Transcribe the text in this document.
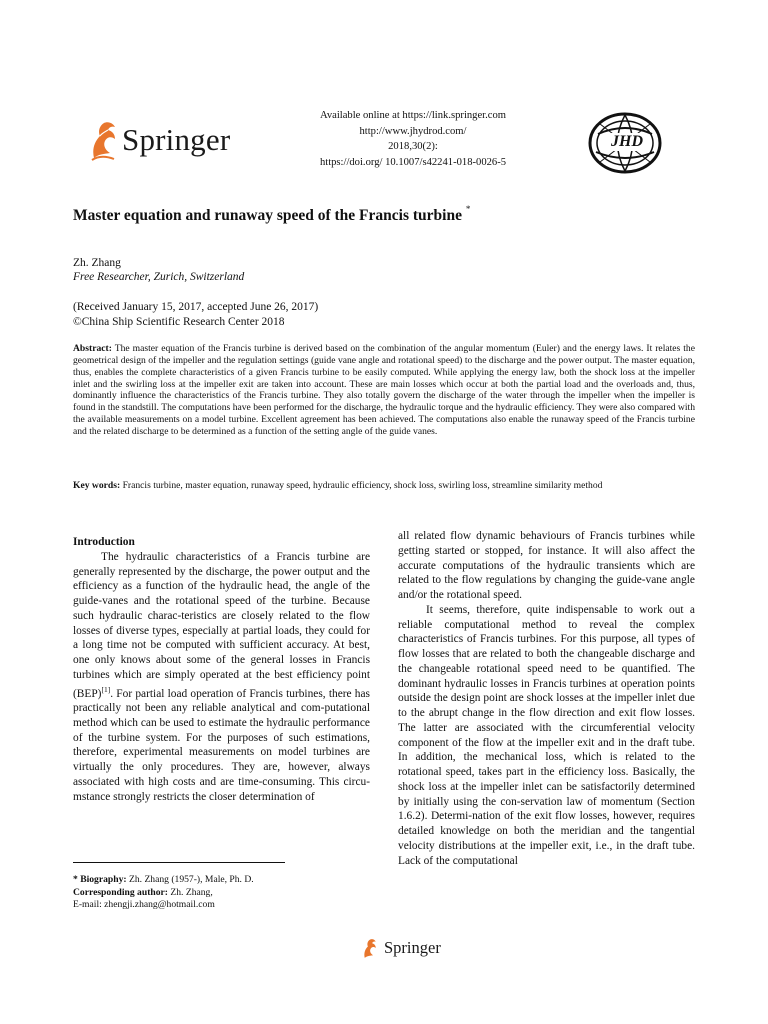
Springer
Available online at https://link.springer.com
http://www.jhydrod.com/
2018,30(2):
https://doi.org/ 10.1007/s42241-018-0026-5
JHD
Master equation and runaway speed of the Francis turbine *
Zh. Zhang
Free Researcher, Zurich, Switzerland
(Received January 15, 2017, accepted June 26, 2017)
©China Ship Scientific Research Center 2018
Abstract: The master equation of the Francis turbine is derived based on the combination of the angular momentum (Euler) and the energy laws. It relates the geometrical design of the impeller and the regulation settings (guide vane angle and rotational speed) to the discharge and the power output. The master equation, thus, enables the complete characteristics of a given Francis turbine to be easily computed. While applying the energy law, both the shock loss at the impeller inlet and the swirling loss at the impeller exit are taken into account. These are main losses which occur at both the partial load and the overloads and, thus, dominantly influence the characteristics of the Francis turbine. They also totally govern the discharge of the water through the impeller when the impeller is found in the standstill. The computations have been performed for the discharge, the hydraulic torque and the hydraulic efficiency. They were also compared with the available measurements on a model turbine. Excellent agreement has been achieved. The computations also enable the runaway speed of the Francis turbine and the related discharge to be determined as a function of the setting angle of the guide vanes.
Key words: Francis turbine, master equation, runaway speed, hydraulic efficiency, shock loss, swirling loss, streamline similarity method

Introduction

The hydraulic characteristics of a Francis turbine are generally represented by the discharge, the power output and the efficiency as a function of the hydraulic head, the angle of the guide-vanes and the rotational speed of the turbine. Because such hydraulic charac-teristics are closely related to the flow losses of diverse types, especially at partial loads, they could for a long time not be computed with sufficient accuracy. At best, one only knows about some of the general losses in Francis turbines which are simply operated at the best efficiency point (BEP)[1]. For partial load operation of Francis turbines, there has practically not been any reliable analytical and com-putational method which can be used to estimate the hydraulic performance of the turbine system. For the purposes of such estimations, therefore, experimental measurements on model turbines are virtually the only procedures. They are, however, always associated with high costs and are time-consuming. This circu-mstance strongly restricts the closer determination of

all related flow dynamic behaviours of Francis turbines while getting started or stopped, for instance. It will also affect the accurate computations of the hydraulic transients which are related to the flow regulations by changing the guide-vane angle and/or the rotational speed.

It seems, therefore, quite indispensable to work out a reliable computational method to reveal the complex characteristics of Francis turbines. For this purpose, all types of flow losses that are related to both the changeable discharge and the changeable rotational speed need to be quantified. The dominant hydraulic losses in Francis turbines at operation points outside the design point are shock losses at the impeller inlet due to the abrupt change in the flow direction and exit flow losses. The latter are associated with the circumferential velocity component of the flow at the impeller exit and in the draft tube. In addition, the mechanical loss, which is related to the rotational speed, takes part in the efficiency loss. Basically, the shock loss at the impeller inlet can be satisfactorily determined by initially using the con-servation law of momentum (Section 1.6.2). Determi-nation of the exit flow losses, however, requires detailed knowledge on both the meridian and the tangential velocity distributions at the impeller exit, i.e., in the draft tube. Lack of the computational

* Biography: Zh. Zhang (1957-), Male, Ph. D.
Corresponding author: Zh. Zhang,
E-mail: zhengji.zhang@hotmail.com
Springer
